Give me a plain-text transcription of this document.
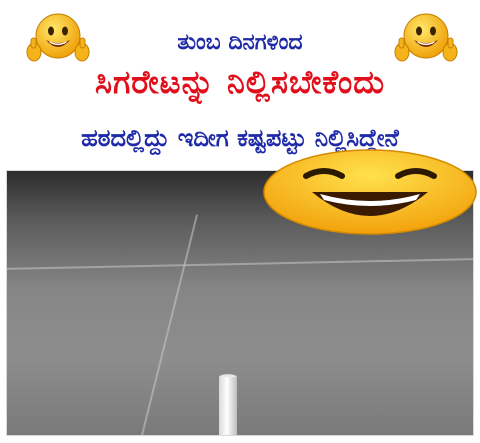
ತುಂಬ ದಿನಗಳಿಂದ
ಸಿಗರೇಟನ್ನು ನಿಲ್ಲಿಸಬೇಕೆಂದು
ಹಠದಲ್ಲಿದ್ದು ಇದೀಗ ಕಷ್ಟಪಟ್ಟು ನಿಲ್ಲಿಸಿದ್ದೇನೆ
